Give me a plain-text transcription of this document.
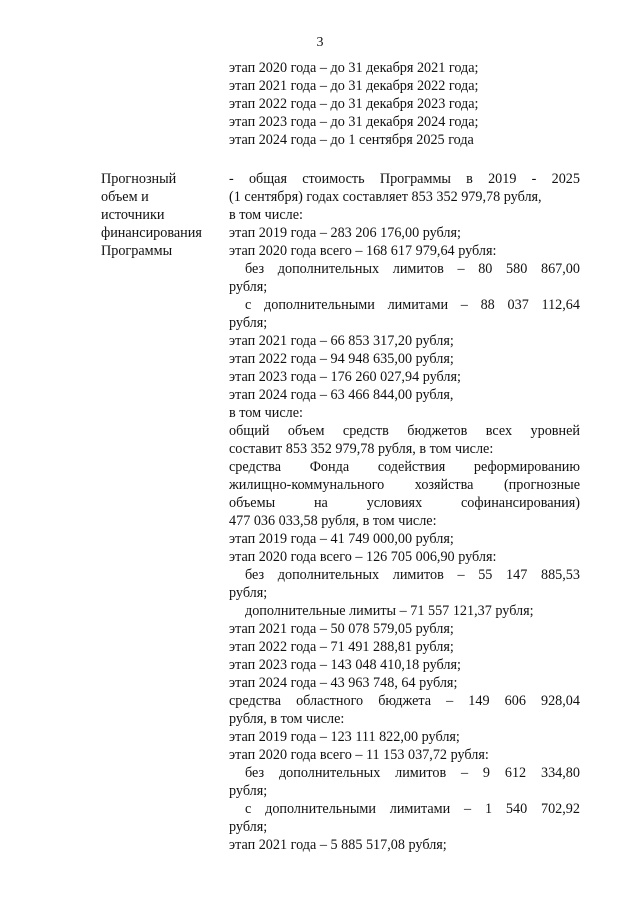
3
этап 2020 года – до 31 декабря 2021 года;
этап 2021 года – до 31 декабря 2022 года;
этап 2022 года – до 31 декабря 2023 года;
этап 2023 года – до 31 декабря 2024 года;
этап 2024 года – до 1 сентября 2025 года
Прогнозный
объем и
источники
финансирования
Программы
- общая стоимость Программы в 2019 - 2025
(1 сентября) годах составляет 853 352 979,78 рубля,
в том числе:
этап 2019 года – 283 206 176,00 рубля;
этап 2020 года всего – 168 617 979,64 рубля:
без дополнительных лимитов – 80 580 867,00
рубля;
с дополнительными лимитами – 88 037 112,64
рубля;
этап 2021 года – 66 853 317,20 рубля;
этап 2022 года – 94 948 635,00 рубля;
этап 2023 года – 176 260 027,94 рубля;
этап 2024 года – 63 466 844,00 рубля,
в том числе:
общий объем средств бюджетов всех уровней
составит 853 352 979,78 рубля, в том числе:
средства Фонда содействия реформированию
жилищно-коммунального хозяйства (прогнозные
объемы на условиях софинансирования)
477 036 033,58 рубля, в том числе:
этап 2019 года – 41 749 000,00 рубля;
этап 2020 года всего – 126 705 006,90 рубля:
без дополнительных лимитов – 55 147 885,53
рубля;
дополнительные лимиты – 71 557 121,37 рубля;
этап 2021 года – 50 078 579,05 рубля;
этап 2022 года – 71 491 288,81 рубля;
этап 2023 года – 143 048 410,18 рубля;
этап 2024 года – 43 963 748, 64 рубля;
средства областного бюджета – 149 606 928,04
рубля, в том числе:
этап 2019 года – 123 111 822,00 рубля;
этап 2020 года всего – 11 153 037,72 рубля:
без дополнительных лимитов – 9 612 334,80
рубля;
с дополнительными лимитами – 1 540 702,92
рубля;
этап 2021 года – 5 885 517,08 рубля;
